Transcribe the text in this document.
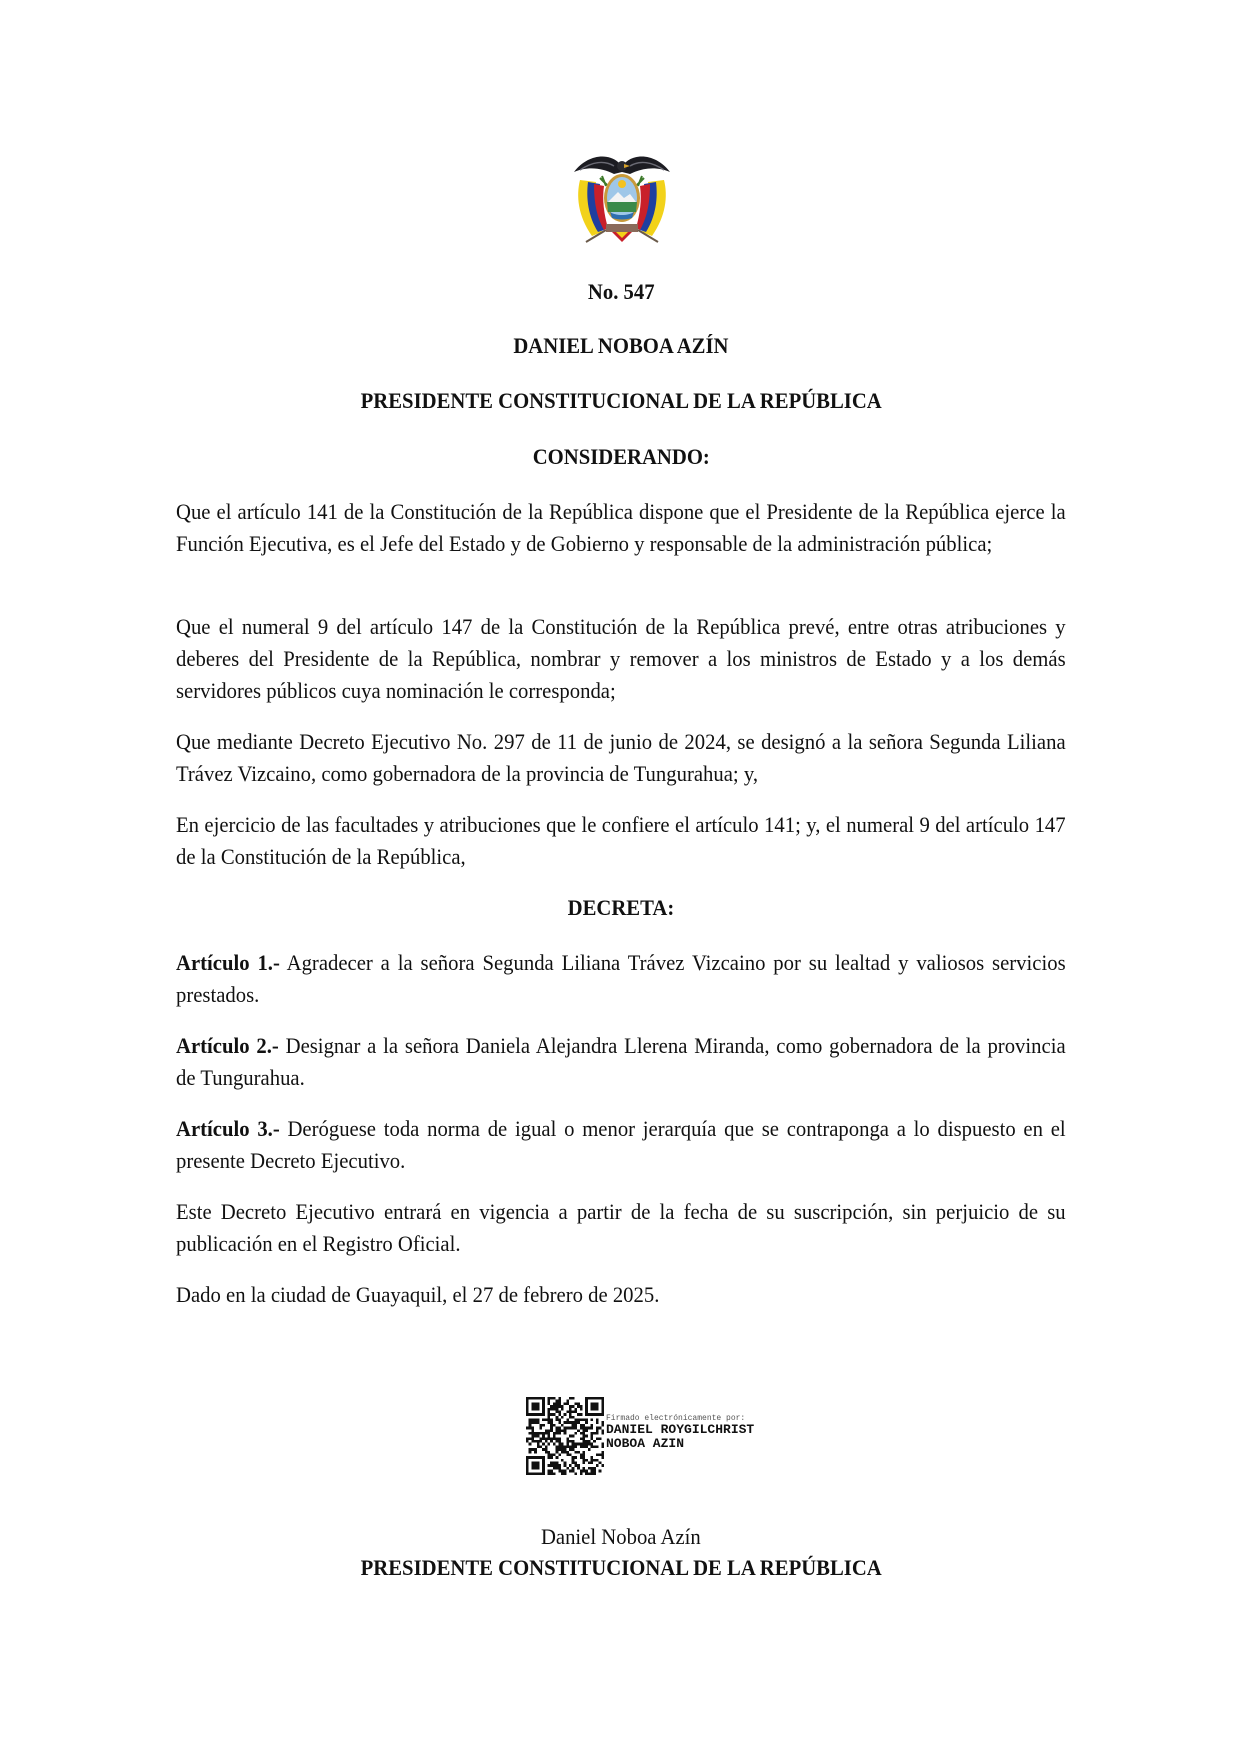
No. 547
DANIEL NOBOA AZÍN
PRESIDENTE CONSTITUCIONAL DE LA REPÚBLICA
CONSIDERANDO:

Que el artículo 141 de la Constitución de la República dispone que el Presidente de la República ejerce la Función Ejecutiva, es el Jefe del Estado y de Gobierno y responsable de la administración pública;

Que el numeral 9 del artículo 147 de la Constitución de la República prevé, entre otras atribuciones y deberes del Presidente de la República, nombrar y remover a los ministros de Estado y a los demás servidores públicos cuya nominación le corresponda;

Que mediante Decreto Ejecutivo No. 297 de 11 de junio de 2024, se designó a la señora Segunda Liliana Trávez Vizcaino, como gobernadora de la provincia de Tungurahua; y,

En ejercicio de las facultades y atribuciones que le confiere el artículo 141; y, el numeral 9 del artículo 147 de la Constitución de la República,

DECRETA:

Artículo 1.- Agradecer a la señora Segunda Liliana Trávez Vizcaino por su lealtad y valiosos servicios prestados.

Artículo 2.- Designar a la señora Daniela Alejandra Llerena Miranda, como gobernadora de la provincia de Tungurahua.

Artículo 3.- Deróguese toda norma de igual o menor jerarquía que se contraponga a lo dispuesto en el presente Decreto Ejecutivo.

Este Decreto Ejecutivo entrará en vigencia a partir de la fecha de su suscripción, sin perjuicio de su publicación en el Registro Oficial.

Dado en la ciudad de Guayaquil, el 27 de febrero de 2025.

Firmado electrónicamente por:
DANIEL ROYGILCHRIST
NOBOA AZIN
Daniel Noboa Azín
PRESIDENTE CONSTITUCIONAL DE LA REPÚBLICA
